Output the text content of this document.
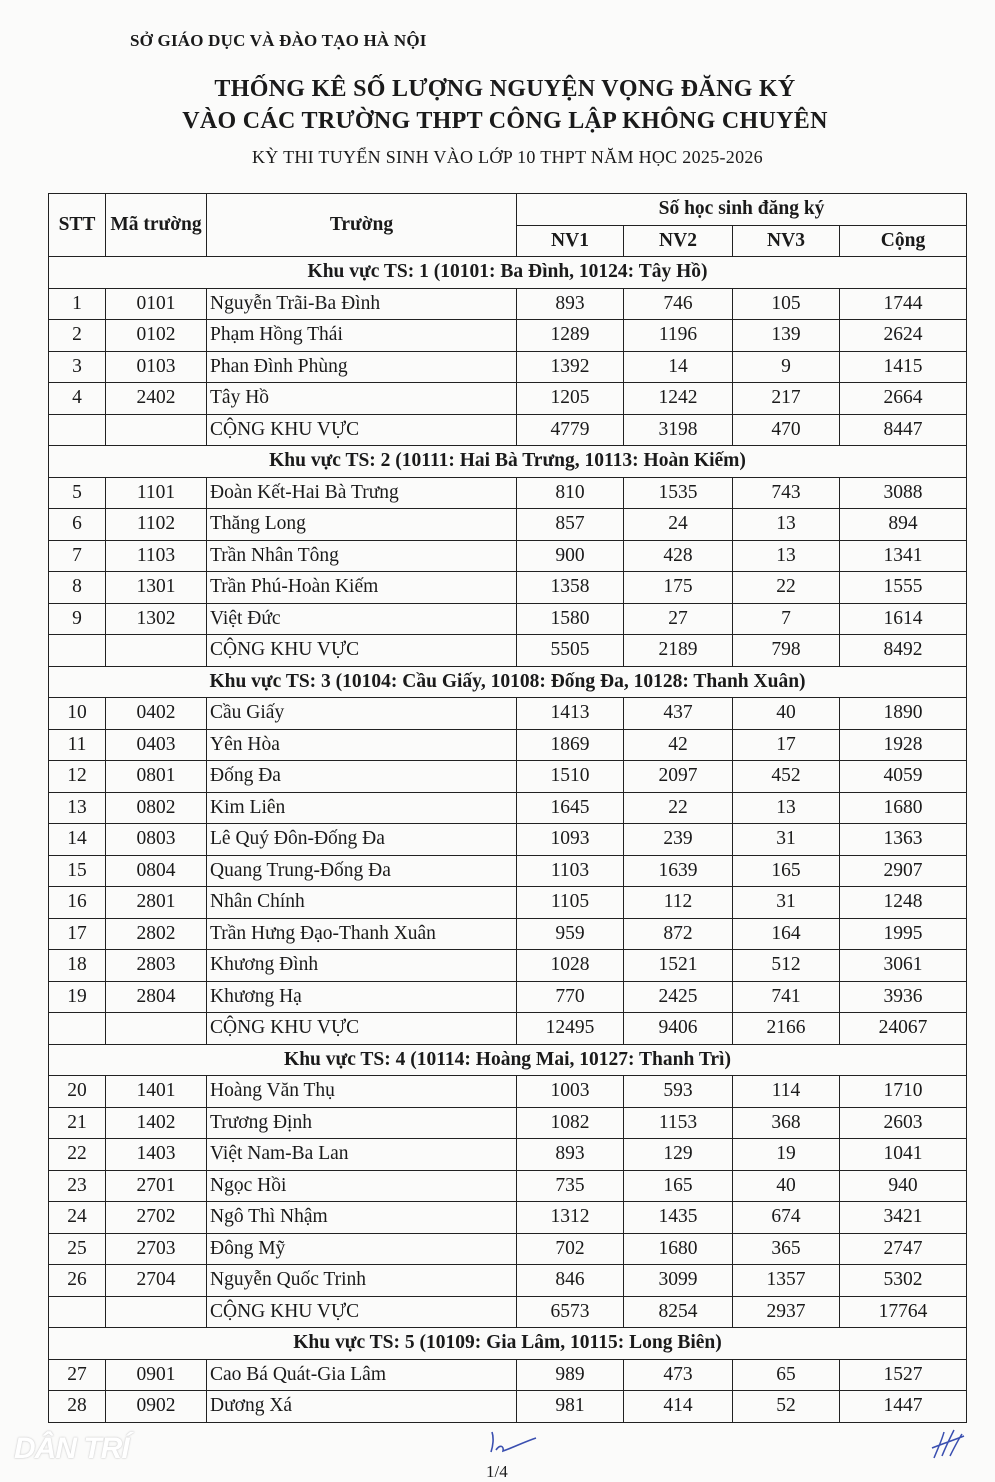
SỞ GIÁO DỤC VÀ ĐÀO TẠO HÀ NỘI
THỐNG KÊ SỐ LƯỢNG NGUYỆN VỌNG ĐĂNG KÝ
VÀO CÁC TRƯỜNG THPT CÔNG LẬP KHÔNG CHUYÊN
KỲ THI TUYỂN SINH VÀO LỚP 10 THPT NĂM HỌC 2025-2026
STT	Mã trường	Trường	Số học sinh đăng ký			
			NV1	NV2	NV3	Cộng
Khu vực TS: 1 (10101: Ba Đình, 10124: Tây Hồ)						
1	0101	Nguyễn Trãi-Ba Đình	893	746	105	1744
2	0102	Phạm Hồng Thái	1289	1196	139	2624
3	0103	Phan Đình Phùng	1392	14	9	1415
4	2402	Tây Hồ	1205	1242	217	2664
		CỘNG KHU VỰC	4779	3198	470	8447
Khu vực TS: 2 (10111: Hai Bà Trưng, 10113: Hoàn Kiếm)						
5	1101	Đoàn Kết-Hai Bà Trưng	810	1535	743	3088
6	1102	Thăng Long	857	24	13	894
7	1103	Trần Nhân Tông	900	428	13	1341
8	1301	Trần Phú-Hoàn Kiếm	1358	175	22	1555
9	1302	Việt Đức	1580	27	7	1614
		CỘNG KHU VỰC	5505	2189	798	8492
Khu vực TS: 3 (10104: Cầu Giấy, 10108: Đống Đa, 10128: Thanh Xuân)						
10	0402	Cầu Giấy	1413	437	40	1890
11	0403	Yên Hòa	1869	42	17	1928
12	0801	Đống Đa	1510	2097	452	4059
13	0802	Kim Liên	1645	22	13	1680
14	0803	Lê Quý Đôn-Đống Đa	1093	239	31	1363
15	0804	Quang Trung-Đống Đa	1103	1639	165	2907
16	2801	Nhân Chính	1105	112	31	1248
17	2802	Trần Hưng Đạo-Thanh Xuân	959	872	164	1995
18	2803	Khương Đình	1028	1521	512	3061
19	2804	Khương Hạ	770	2425	741	3936
		CỘNG KHU VỰC	12495	9406	2166	24067
Khu vực TS: 4 (10114: Hoàng Mai, 10127: Thanh Trì)						
20	1401	Hoàng Văn Thụ	1003	593	114	1710
21	1402	Trương Định	1082	1153	368	2603
22	1403	Việt Nam-Ba Lan	893	129	19	1041
23	2701	Ngọc Hồi	735	165	40	940
24	2702	Ngô Thì Nhậm	1312	1435	674	3421
25	2703	Đông Mỹ	702	1680	365	2747
26	2704	Nguyễn Quốc Trinh	846	3099	1357	5302
		CỘNG KHU VỰC	6573	8254	2937	17764
Khu vực TS: 5 (10109: Gia Lâm, 10115: Long Biên)						
27	0901	Cao Bá Quát-Gia Lâm	989	473	65	1527
28	0902	Dương Xá	981	414	52	1447
DÂN TRÍ
1/4
